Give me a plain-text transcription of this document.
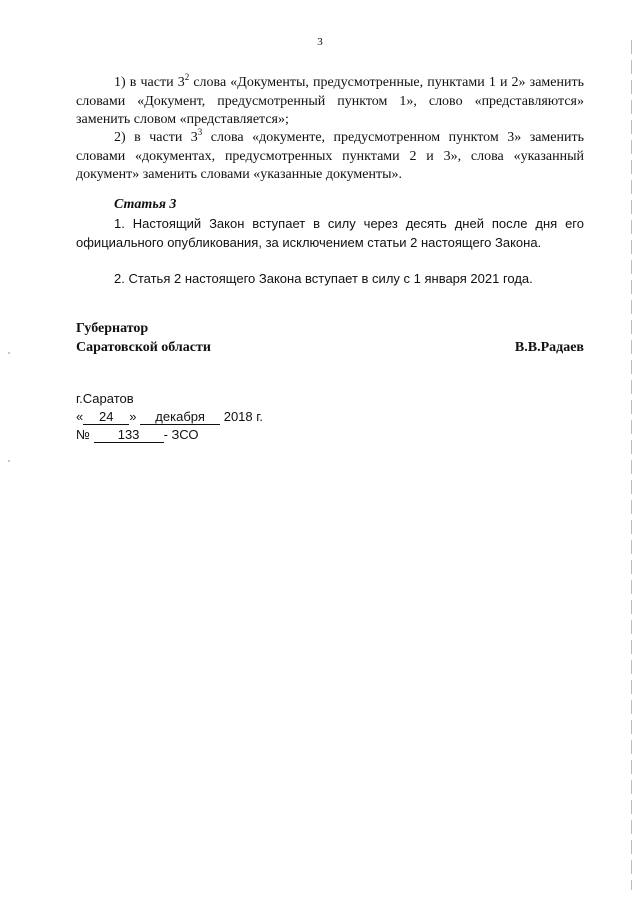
3

1) в части $3^2$ слова «Документы, предусмотренные, пунктами 1 и 2» заменить словами «Документ, предусмотренный пунктом 1», слово «представляются» заменить словом «представляется»;

2) в части $3^3$ слова «документе, предусмотренном пунктом 3» заменить словами «документах, предусмотренных пунктами 2 и 3», слова «указанный документ» заменить словами «указанные документы».

Статья 3

1. Настоящий Закон вступает в силу через десять дней после дня его официального опубликования, за исключением статьи 2 настоящего Закона.

2. Статья 2 настоящего Закона вступает в силу с 1 января 2021 года.

Губернатор
Саратовской области	В.В.Радаев
г.Саратов
« 24 » декабря 2018 г.
№ 133 - ЗСО
